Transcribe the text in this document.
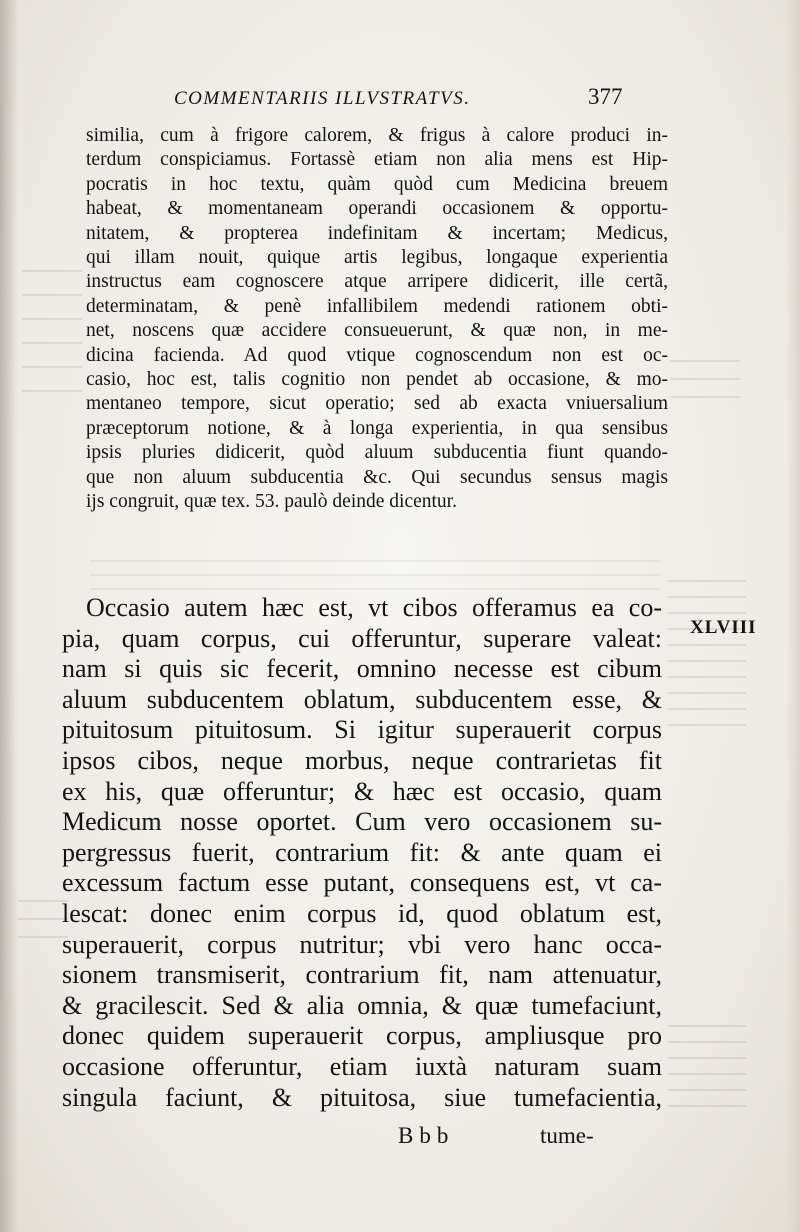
COMMENTARIIS ILLVSTRATVS.	377
similia, cum à frigore calorem, & frigus à calore produci in-
terdum conspiciamus. Fortassè etiam non alia mens est Hip-
pocratis in hoc textu, quàm quòd cum Medicina breuem
habeat, & momentaneam operandi occasionem & opportu-
nitatem, & propterea indefinitam & incertam; Medicus,
qui illam nouit, quique artis legibus, longaque experientia
instructus eam cognoscere atque arripere didicerit, ille certã,
determinatam, & penè infallibilem medendi rationem obti-
net, noscens quæ accidere consueuerunt, & quæ non, in me-
dicina facienda. Ad quod vtique cognoscendum non est oc-
casio, hoc est, talis cognitio non pendet ab occasione, & mo-
mentaneo tempore, sicut operatio; sed ab exacta vniuersalium
præceptorum notione, & à longa experientia, in qua sensibus
ipsis pluries didicerit, quòd aluum subducentia fiunt quando-
que non aluum subducentia &c. Qui secundus sensus magis
ijs congruit, quæ tex. 53. paulò deinde dicentur.
XLVIII
Occasio autem hæc est, vt cibos offeramus ea co-
pia, quam corpus, cui offeruntur, superare valeat:
nam si quis sic fecerit, omnino necesse est cibum
aluum subducentem oblatum, subducentem esse, &
pituitosum pituitosum. Si igitur superauerit corpus
ipsos cibos, neque morbus, neque contrarietas fit
ex his, quæ offeruntur; & hæc est occasio, quam
Medicum nosse oportet. Cum vero occasionem su-
pergressus fuerit, contrarium fit: & ante quam ei
excessum factum esse putant, consequens est, vt ca-
lescat: donec enim corpus id, quod oblatum est,
superauerit, corpus nutritur; vbi vero hanc occa-
sionem transmiserit, contrarium fit, nam attenuatur,
& gracilescit. Sed & alia omnia, & quæ tumefaciunt,
donec quidem superauerit corpus, ampliusque pro
occasione offeruntur, etiam iuxtà naturam suam
singula faciunt, & pituitosa, siue tumefacientia,
Bbb	tume-
